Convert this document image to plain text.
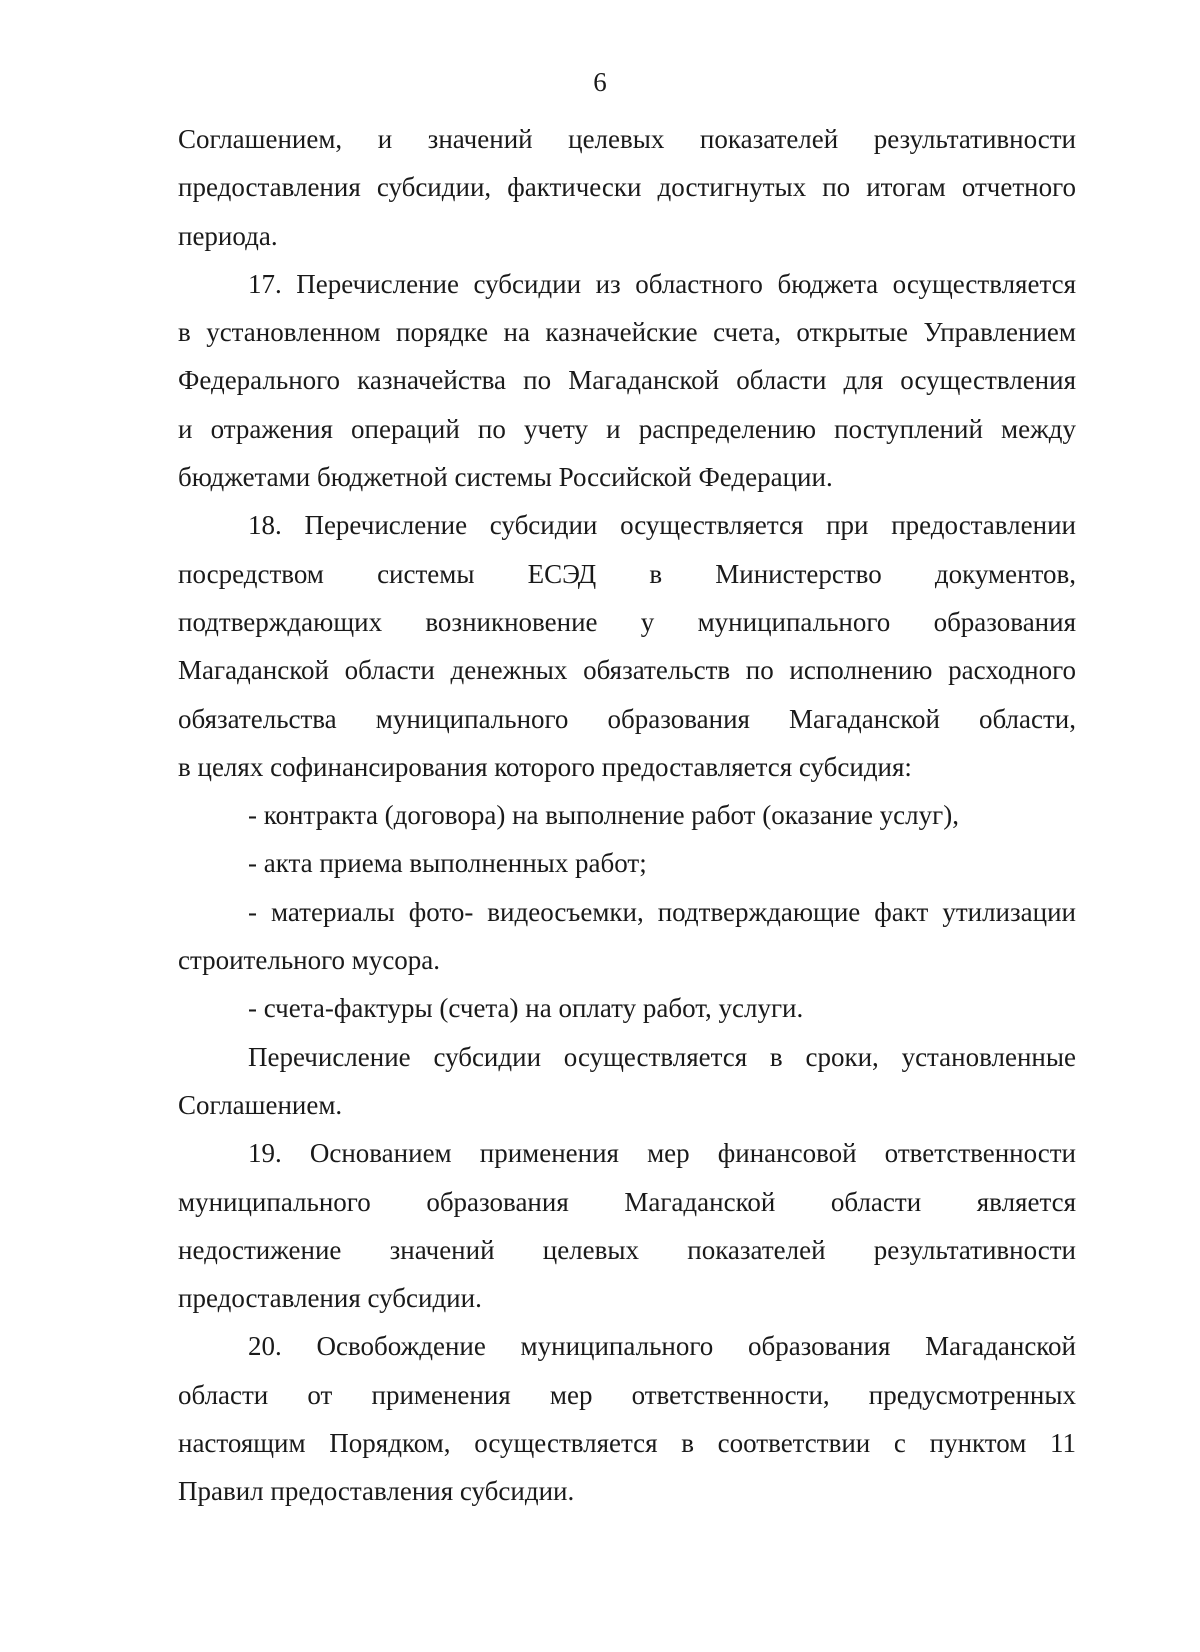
6
Соглашением, и значений целевых показателей результативности
предоставления субсидии, фактически достигнутых по итогам отчетного
периода.
17. Перечисление субсидии из областного бюджета осуществляется
в установленном порядке на казначейские счета, открытые Управлением
Федерального казначейства по Магаданской области для осуществления
и отражения операций по учету и распределению поступлений между
бюджетами бюджетной системы Российской Федерации.
18. Перечисление субсидии осуществляется при предоставлении
посредством системы ЕСЭД в Министерство документов,
подтверждающих возникновение у муниципального образования
Магаданской области денежных обязательств по исполнению расходного
обязательства муниципального образования Магаданской области,
в целях софинансирования которого предоставляется субсидия:
- контракта (договора) на выполнение работ (оказание услуг),
- акта приема выполненных работ;
- материалы фото- видеосъемки, подтверждающие факт утилизации
строительного мусора.
- счета-фактуры (счета) на оплату работ, услуги.
Перечисление субсидии осуществляется в сроки, установленные
Соглашением.
19. Основанием применения мер финансовой ответственности
муниципального образования Магаданской области является
недостижение значений целевых показателей результативности
предоставления субсидии.
20. Освобождение муниципального образования Магаданской
области от применения мер ответственности, предусмотренных
настоящим Порядком, осуществляется в соответствии с пунктом 11
Правил предоставления субсидии.
